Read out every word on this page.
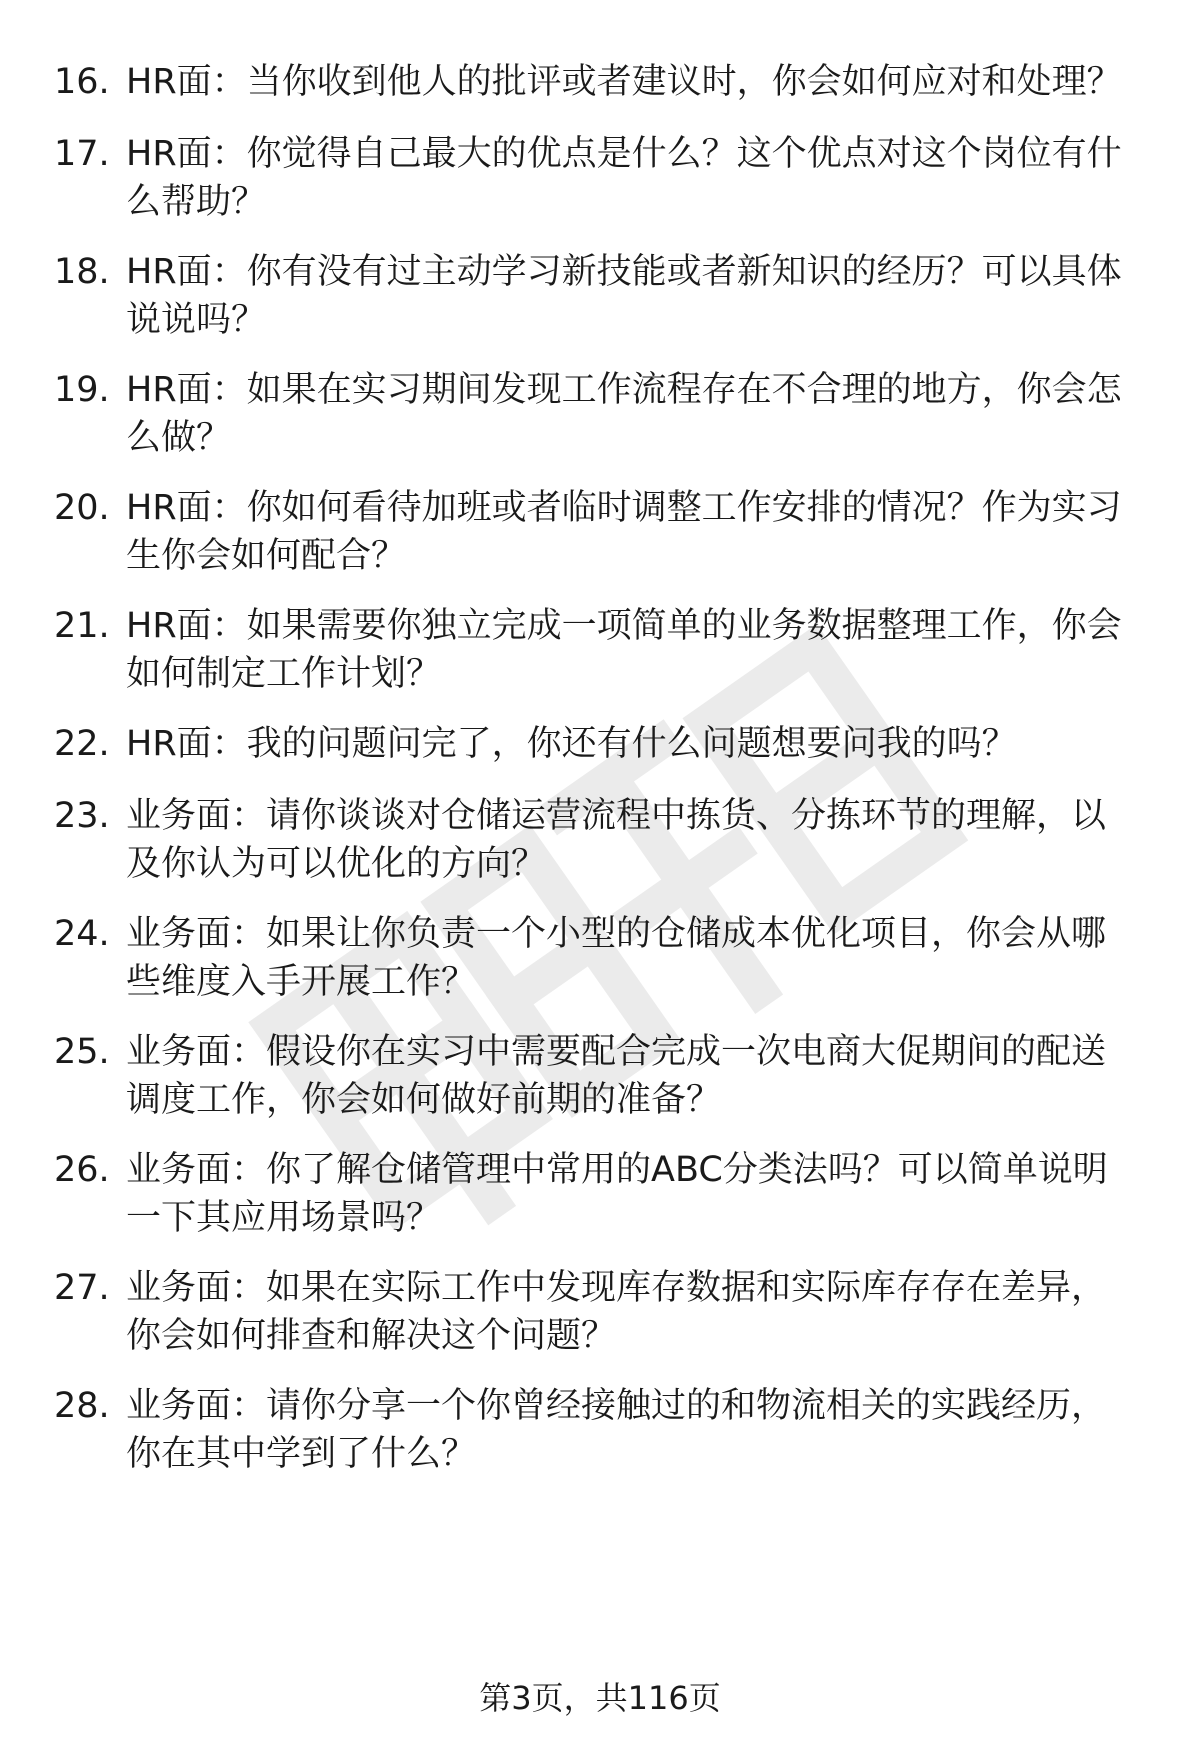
16. HR面：当你收到他人的批评或者建议时，你会如何应对和处理？
17. HR面：你觉得自己最大的优点是什么？这个优点对这个岗位有什
么帮助？
18. HR面：你有没有过主动学习新技能或者新知识的经历？可以具体
说说吗？
19. HR面：如果在实习期间发现工作流程存在不合理的地方，你会怎
么做？
20. HR面：你如何看待加班或者临时调整工作安排的情况？作为实习
生你会如何配合？
21. HR面：如果需要你独立完成一项简单的业务数据整理工作，你会
如何制定工作计划？
22. HR面：我的问题问完了，你还有什么问题想要问我的吗？
23. 业务面：请你谈谈对仓储运营流程中拣货、分拣环节的理解，以
及你认为可以优化的方向？
24. 业务面：如果让你负责一个小型的仓储成本优化项目，你会从哪
些维度入手开展工作？
25. 业务面：假设你在实习中需要配合完成一次电商大促期间的配送
调度工作，你会如何做好前期的准备？
26. 业务面：你了解仓储管理中常用的ABC分类法吗？可以简单说明
一下其应用场景吗？
27. 业务面：如果在实际工作中发现库存数据和实际库存存在差异，
你会如何排查和解决这个问题？
28. 业务面：请你分享一个你曾经接触过的和物流相关的实践经历，
你在其中学到了什么？
第3页，共116页
